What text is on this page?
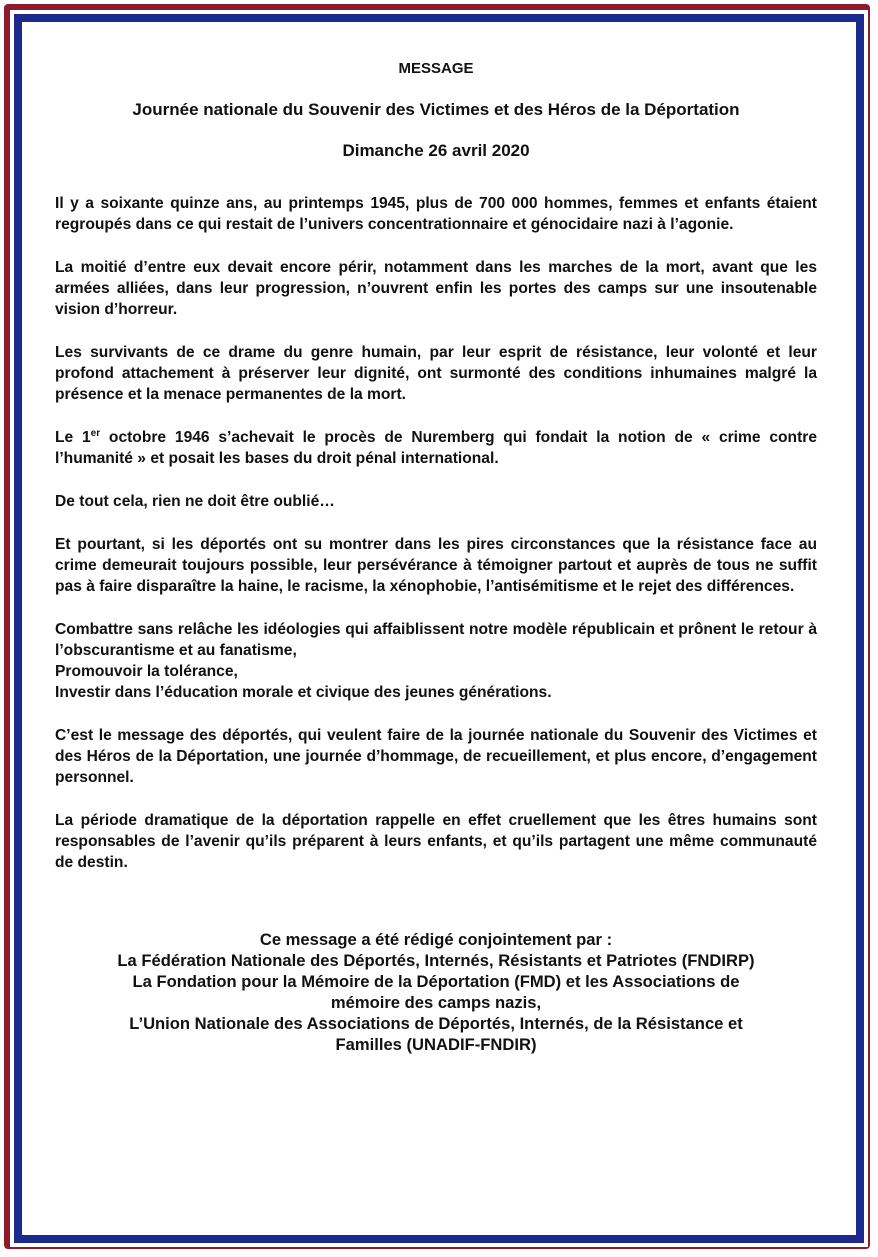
MESSAGE
Journée nationale du Souvenir des Victimes et des Héros de la Déportation
Dimanche 26 avril 2020

Il y a soixante quinze ans, au printemps 1945, plus de 700 000 hommes, femmes et enfants étaient regroupés dans ce qui restait de l’univers concentrationnaire et génocidaire nazi à l’agonie.

La moitié d’entre eux devait encore périr, notamment dans les marches de la mort, avant que les armées alliées, dans leur progression, n’ouvrent enfin les portes des camps sur une insoutenable vision d’horreur.

Les survivants de ce drame du genre humain, par leur esprit de résistance, leur volonté et leur profond attachement à préserver leur dignité, ont surmonté des conditions inhumaines malgré la présence et la menace permanentes de la mort.

Le 1er octobre 1946 s’achevait le procès de Nuremberg qui fondait la notion de « crime contre l’humanité » et posait les bases du droit pénal international.

De tout cela, rien ne doit être oublié…

Et pourtant, si les déportés ont su montrer dans les pires circonstances que la résistance face au crime demeurait toujours possible, leur persévérance à témoigner partout et auprès de tous ne suffit pas à faire disparaître la haine, le racisme, la xénophobie, l’antisémitisme et le rejet des différences.

Combattre sans relâche les idéologies qui affaiblissent notre modèle républicain et prônent le retour à l’obscurantisme et au fanatisme,
Promouvoir la tolérance,
Investir dans l’éducation morale et civique des jeunes générations.

C’est le message des déportés, qui veulent faire de la journée nationale du Souvenir des Victimes et des Héros de la Déportation, une journée d’hommage, de recueillement, et plus encore, d’engagement personnel.

La période dramatique de la déportation rappelle en effet cruellement que les êtres humains sont responsables de l’avenir qu’ils préparent à leurs enfants, et qu’ils partagent une même communauté de destin.

Ce message a été rédigé conjointement par :
La Fédération Nationale des Déportés, Internés, Résistants et Patriotes (FNDIRP)
La Fondation pour la Mémoire de la Déportation (FMD) et les Associations de
mémoire des camps nazis,
L’Union Nationale des Associations de Déportés, Internés, de la Résistance et
Familles (UNADIF-FNDIR)
